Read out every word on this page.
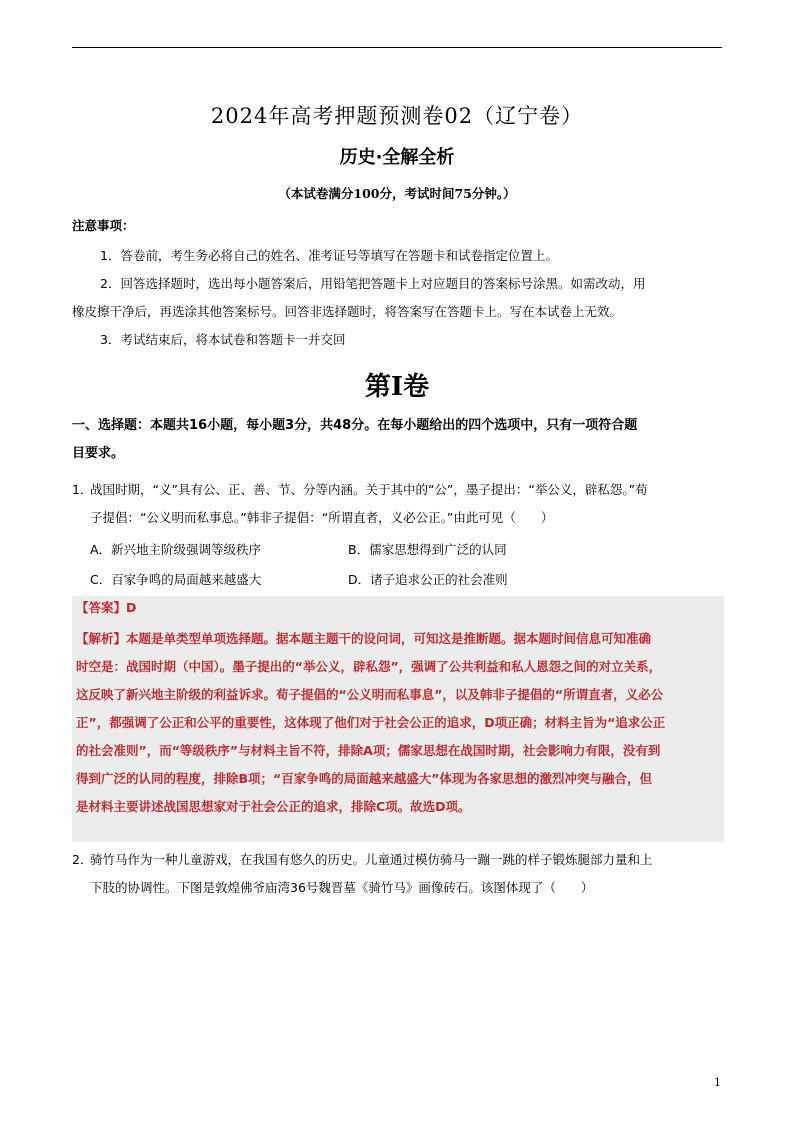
2024年高考押题预测卷02（辽宁卷）
历史·全解全析
（本试卷满分100分，考试时间75分钟。）
注意事项：
1．答卷前，考生务必将自己的姓名、准考证号等填写在答题卡和试卷指定位置上。
2．回答选择题时，选出每小题答案后，用铅笔把答题卡上对应题目的答案标号涂黑。如需改动，用
橡皮擦干净后，再选涂其他答案标号。回答非选择题时，将答案写在答题卡上。写在本试卷上无效。
3．考试结束后，将本试卷和答题卡一并交回
第Ⅰ卷
一、选择题：本题共16小题，每小题3分，共48分。在每小题给出的四个选项中，只有一项符合题
目要求。
1．战国时期，“义”具有公、正、善、节、分等内涵。关于其中的“公”，墨子提出：“举公义，辟私怨。”荀
子提倡：“公义明而私事息。”韩非子提倡：“所谓直者，义必公正。”由此可见（　　）
A．新兴地主阶级强调等级秩序	B．儒家思想得到广泛的认同
C．百家争鸣的局面越来越盛大	D．诸子追求公正的社会准则
【答案】D
【解析】本题是单类型单项选择题。据本题主题干的设问词，可知这是推断题。据本题时间信息可知准确
时空是：战国时期（中国）。墨子提出的“举公义，辟私怨”，强调了公共利益和私人恩怨之间的对立关系，
这反映了新兴地主阶级的利益诉求。荀子提倡的“公义明而私事息”，以及韩非子提倡的“所谓直者，义必公
正”，都强调了公正和公平的重要性，这体现了他们对于社会公正的追求，D项正确；材料主旨为“追求公正
的社会准则”，而“等级秩序”与材料主旨不符，排除A项；儒家思想在战国时期，社会影响力有限，没有到
得到广泛的认同的程度，排除B项；“百家争鸣的局面越来越盛大”体现为各家思想的激烈冲突与融合，但
是材料主要讲述战国思想家对于社会公正的追求，排除C项。故选D项。
2．骑竹马作为一种儿童游戏，在我国有悠久的历史。儿童通过模仿骑马一蹦一跳的样子锻炼腿部力量和上
下肢的协调性。下图是敦煌佛爷庙湾36号魏晋墓《骑竹马》画像砖石。该图体现了（　　）
1
